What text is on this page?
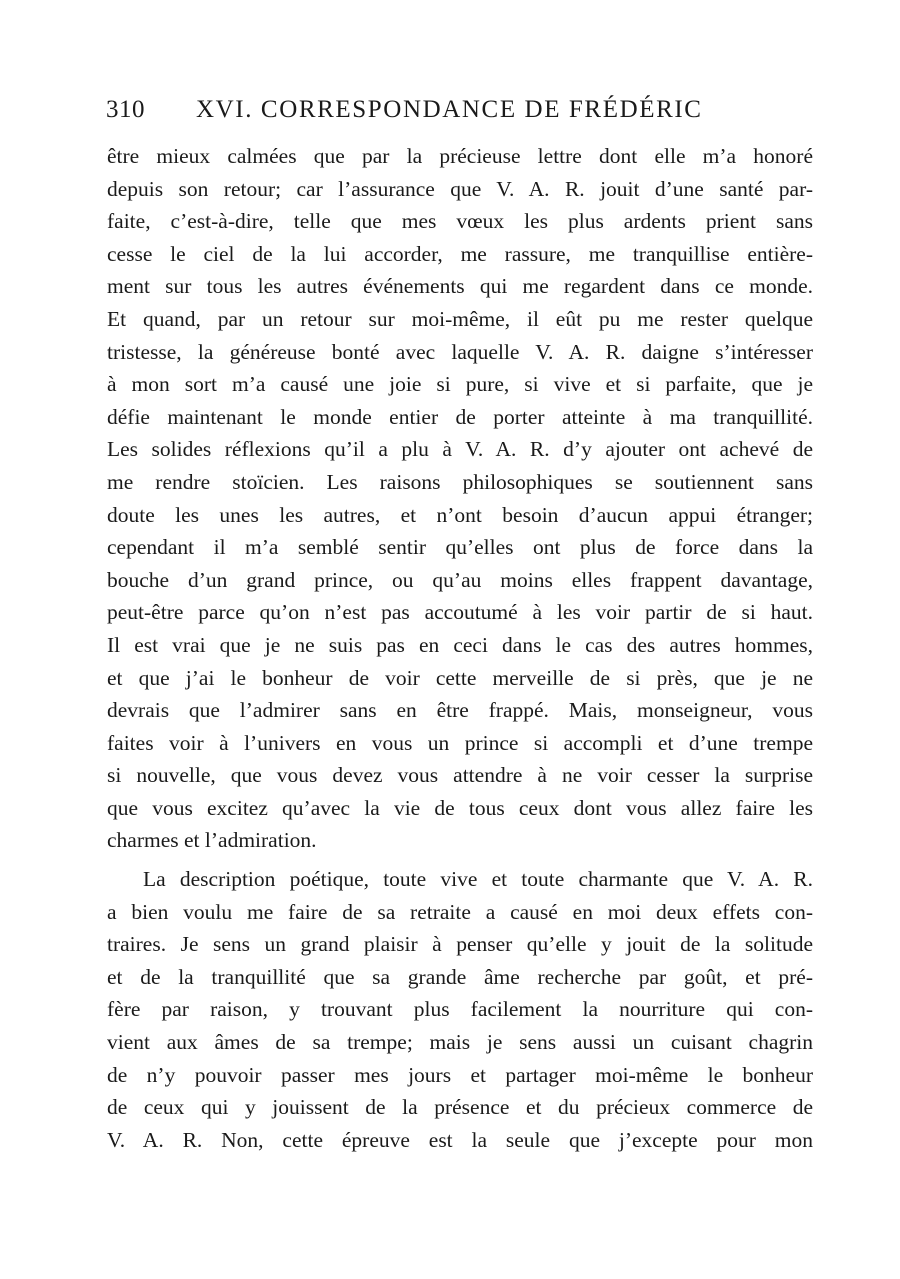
310 XVI. CORRESPONDANCE DE FRÉDÉRIC
être mieux calmées que par la précieuse lettre dont elle m’a honoré
depuis son retour; car l’assurance que V. A. R. jouit d’une santé par-
faite, c’est-à-dire, telle que mes vœux les plus ardents prient sans
cesse le ciel de la lui accorder, me rassure, me tranquillise entière-
ment sur tous les autres événements qui me regardent dans ce monde.
Et quand, par un retour sur moi-même, il eût pu me rester quelque
tristesse, la généreuse bonté avec laquelle V. A. R. daigne s’intéresser
à mon sort m’a causé une joie si pure, si vive et si parfaite, que je
défie maintenant le monde entier de porter atteinte à ma tranquillité.
Les solides réflexions qu’il a plu à V. A. R. d’y ajouter ont achevé de
me rendre stoïcien. Les raisons philosophiques se soutiennent sans
doute les unes les autres, et n’ont besoin d’aucun appui étranger;
cependant il m’a semblé sentir qu’elles ont plus de force dans la
bouche d’un grand prince, ou qu’au moins elles frappent davantage,
peut-être parce qu’on n’est pas accoutumé à les voir partir de si haut.
Il est vrai que je ne suis pas en ceci dans le cas des autres hommes,
et que j’ai le bonheur de voir cette merveille de si près, que je ne
devrais que l’admirer sans en être frappé. Mais, monseigneur, vous
faites voir à l’univers en vous un prince si accompli et d’une trempe
si nouvelle, que vous devez vous attendre à ne voir cesser la surprise
que vous excitez qu’avec la vie de tous ceux dont vous allez faire les
charmes et l’admiration.
La description poétique, toute vive et toute charmante que V. A. R.
a bien voulu me faire de sa retraite a causé en moi deux effets con-
traires. Je sens un grand plaisir à penser qu’elle y jouit de la solitude
et de la tranquillité que sa grande âme recherche par goût, et pré-
fère par raison, y trouvant plus facilement la nourriture qui con-
vient aux âmes de sa trempe; mais je sens aussi un cuisant chagrin
de n’y pouvoir passer mes jours et partager moi-même le bonheur
de ceux qui y jouissent de la présence et du précieux commerce de
V. A. R. Non, cette épreuve est la seule que j’excepte pour mon
